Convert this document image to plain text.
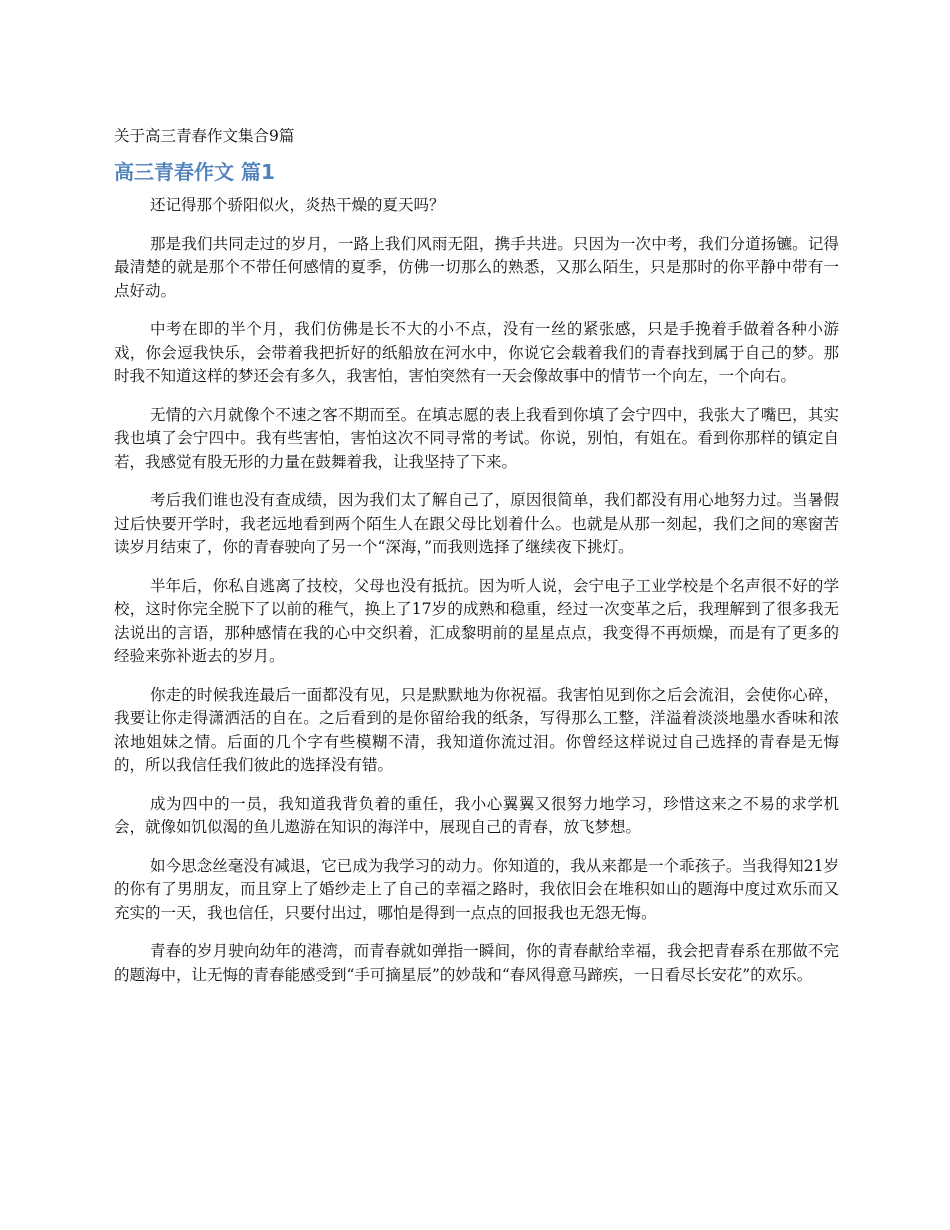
关于高三青春作文集合9篇
高三青春作文 篇1

还记得那个骄阳似火，炎热干燥的夏天吗？

那是我们共同走过的岁月，一路上我们风雨无阻，携手共进。只因为一次中考，我们分道扬镳。记得最清楚的就是那个不带任何感情的夏季，仿佛一切那么的熟悉，又那么陌生，只是那时的你平静中带有一点好动。

中考在即的半个月，我们仿佛是长不大的小不点，没有一丝的紧张感，只是手挽着手做着各种小游戏，你会逗我快乐，会带着我把折好的纸船放在河水中，你说它会载着我们的青春找到属于自己的梦。那时我不知道这样的梦还会有多久，我害怕，害怕突然有一天会像故事中的情节一个向左，一个向右。

无情的六月就像个不速之客不期而至。在填志愿的表上我看到你填了会宁四中，我张大了嘴巴，其实我也填了会宁四中。我有些害怕，害怕这次不同寻常的考试。你说，别怕，有姐在。看到你那样的镇定自若，我感觉有股无形的力量在鼓舞着我，让我坚持了下来。

考后我们谁也没有查成绩，因为我们太了解自己了，原因很简单，我们都没有用心地努力过。当暑假过后快要开学时，我老远地看到两个陌生人在跟父母比划着什么。也就是从那一刻起，我们之间的寒窗苦读岁月结束了，你的青春驶向了另一个“深海，”而我则选择了继续夜下挑灯。

半年后，你私自逃离了技校，父母也没有抵抗。因为听人说，会宁电子工业学校是个名声很不好的学校，这时你完全脱下了以前的稚气，换上了17岁的成熟和稳重，经过一次变革之后，我理解到了很多我无法说出的言语，那种感情在我的心中交织着，汇成黎明前的星星点点，我变得不再烦燥，而是有了更多的经验来弥补逝去的岁月。

你走的时候我连最后一面都没有见，只是默默地为你祝福。我害怕见到你之后会流泪，会使你心碎，我要让你走得潇洒活的自在。之后看到的是你留给我的纸条，写得那么工整，洋溢着淡淡地墨水香味和浓浓地姐妹之情。后面的几个字有些模糊不清，我知道你流过泪。你曾经这样说过自己选择的青春是无悔的，所以我信任我们彼此的选择没有错。

成为四中的一员，我知道我背负着的重任，我小心翼翼又很努力地学习，珍惜这来之不易的求学机会，就像如饥似渴的鱼儿遨游在知识的海洋中，展现自己的青春，放飞梦想。

如今思念丝毫没有减退，它已成为我学习的动力。你知道的，我从来都是一个乖孩子。当我得知21岁的你有了男朋友，而且穿上了婚纱走上了自己的幸福之路时，我依旧会在堆积如山的题海中度过欢乐而又充实的一天，我也信任，只要付出过，哪怕是得到一点点的回报我也无怨无悔。

青春的岁月驶向幼年的港湾，而青春就如弹指一瞬间，你的青春献给幸福，我会把青春系在那做不完的题海中，让无悔的青春能感受到“手可摘星辰”的妙哉和“春风得意马蹄疾，一日看尽长安花”的欢乐。
